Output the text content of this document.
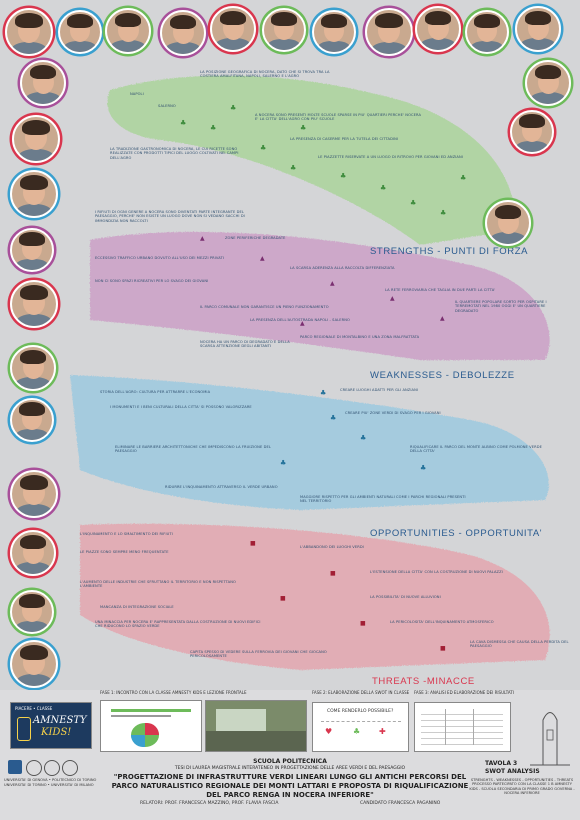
♣
♣
♣
♣
♣
♣
♣
♣
♣
♣
♣
▲
▲
▲
▲
▲
▲
♣
♣
♣
♣
♣
■
■
■
■
■
STRENGTHS - PUNTI DI FORZA
WEAKNESSES - DEBOLEZZE
OPPORTUNITIES - OPPORTUNITA'
THREATS -MINACCE
NAPOLI
SALERNO
LA POSIZIONE GEOGRAFICA DI NOCERA, DATO CHE SI TROVA TRA LA COSTIERA AMALFITANA, NAPOLI, SALERNO E L'AGRO
A NOCERA SONO PRESENTI MOLTE SCUOLE SPARSE IN PIU' QUARTIERI PERCHE' NOCERA E' LA CITTA' DELL'AGRO CON PIU' SCUOLE
LA PRESENZA DI CASERME PER LA TUTELA DEI CITTADINI
LA TRADIZIONE GASTRONOMICA DI NOCERA, LE CUI RICETTE SONO REALIZZATE CON PRODOTTI TIPICI DEL LUOGO COLTIVATI NEI CAMPI DELL'AGRO	LE PIAZZETTE RISERVATE A UN LUOGO DI RITROVO PER GIOVANI ED ANZIANI
I RIFIUTI DI OGNI GENERE A NOCERA SONO DIVENTATI PARTE INTEGRANTE DEL PAESAGGIO, PERCHE' NON ESISTE UN LUOGO DOVE NON SI VEDANO SACCHI DI IMMONDIZIA NON RACCOLTI
ZONE PERIFERICHE DEGRADATE
ECCESSIVO TRAFFICO URBANO DOVUTO ALL'USO DEI MEZZI PRIVATI
LA SCARSA ADERENZA ALLA RACCOLTA DIFFERENZIATA
NON CI SONO SPAZI RICREATIVI PER LO SVAGO DEI GIOVANI
IL QUARTIERE POPOLARE SORTO PER OSPITARE I TERREMOTATI NEL 1980 OGGI E' UN QUARTIERE DEGRADATO
IL PARCO COMUNALE NON GARANTISCE UN PIENO FUNZIONAMENTO
LA RETE FERROVIARIA CHE TAGLIA IN DUE PARTI LA CITTA'
LA PRESENZA DELL'AUTOSTRADA NAPOLI - SALERNO
PARCO REGIONALE DI MONTALBINO E UNA ZONA MALFRATTATA
NOCERA HA UN PARCO DI DEGRADATO E DELLA SCARSA ATTENZIONE DEGLI ABITANTI
STORIA DELL'AGRO: CULTURA PER ATTRARRE L'ECONOMIA	CREARE LUOGHI ADATTI PER GLI ANZIANI
I MONUMENTI E I BENI CULTURALI DELLA CITTA' SI POSSONO VALORIZZARE
CREARE PIU' ZONE VERDI DI SVAGO PER I GIOVANI
ELIMINARE LE BARRIERE ARCHITETTONICHE CHE IMPEDISCONO LA FRUIZIONE DEL PAESAGGIO
RIQUALIFICARE IL PARCO DEL MONTE ALBINO COME POLMONE VERDE DELLA CITTA'
RIDURRE L'INQUINAMENTO ATTRAVERSO IL VERDE URBANO
MAGGIORE RISPETTO PER GLI AMBIENTI NATURALI COME I PARCHI REGIONALI PRESENTI NEL TERRITORIO
L'INQUINAMENTO E LO SMALTIMENTO DEI RIFIUTI
L'ABBANDONO DEI LUOGHI VERDI
LE PIAZZE SONO SEMPRE MENO FREQUENTATE
L'ESTENSIONE DELLA CITTA' CON LA COSTRUZIONE DI NUOVI PALAZZI
L'AUMENTO DELLE INDUSTRIE CHE SFRUTTANO IL TERRITORIO E NON RISPETTANO L'AMBIENTE
LA POSSIBILITA' DI NUOVE ALLUVIONI
MANCANZA DI INTEGRAZIONE SOCIALE
LA PERICOLOSITA' DELL'INQUINAMENTO ATMOSFERICO
UNA MINACCIA PER NOCERA E' RAPPRESENTATA DALLA COSTRUZIONE DI NUOVI EDIFICI CHE RIDUCONO LO SPAZIO VERDE
LA CAVA DISMESSA CHE CAUSA DELLA PERDITA DEL PAESAGGIO
CAPITA SPESSO DI VEDERE SULLA FERROVIA DEI GIOVANI CHE GIOCANO PERICOLOSAMENTE
PIACERE • CLASSE
AMNESTY
KIDS!
FASE 1: INCONTRO CON LA CLASSE AMNESTY KIDS E LEZIONE FRONTALE	FASE 2: ELABORAZIONE DELLA SWOT IN CLASSE
COME RENDERLO POSSIBILE?
♥	♣ ✚
FASE 3: ANALISI ED ELABORAZIONE DEI RISULTATI
UNIVERSITA' DI GENOVA • POLITECNICO DI TORINO
UNIVERSITA' DI TORINO • UNIVERSITA' DI MILANO
SCUOLA POLITECNICA
TESI DI LAUREA MAGISTRALE INTERATENEO IN PROGETTAZIONE DELLE AREE VERDI E DEL PAESAGGIO
"PROGETTAZIONE DI INFRASTRUTTURE VERDI LINEARI LUNGO GLI ANTICHI PERCORSI DEL
PARCO NATURALISTICO REGIONALE DEI MONTI LATTARI E PROPOSTA DI RIQUALIFICAZIONE
DEL PARCO RENGA IN NOCERA INFERIORE"
RELATORI: PROF. FRANCESCA MAZZINO, PROF. FLAVIA FASCIA	CANDIDATO FRANCESCA PAGANINO
TAVOLA 3
SWOT ANALYSIS
STRENGHTS - WEAKNESSES - OPPORTUNITIES - THREATS PROCESSO PARTECIPATO CON LA CLASSE 1 B AMNESTY KIDS - SCUOLA SECONDARIA DI PRIMO GRADO GOVERNA - NOCERA INFERIORE
